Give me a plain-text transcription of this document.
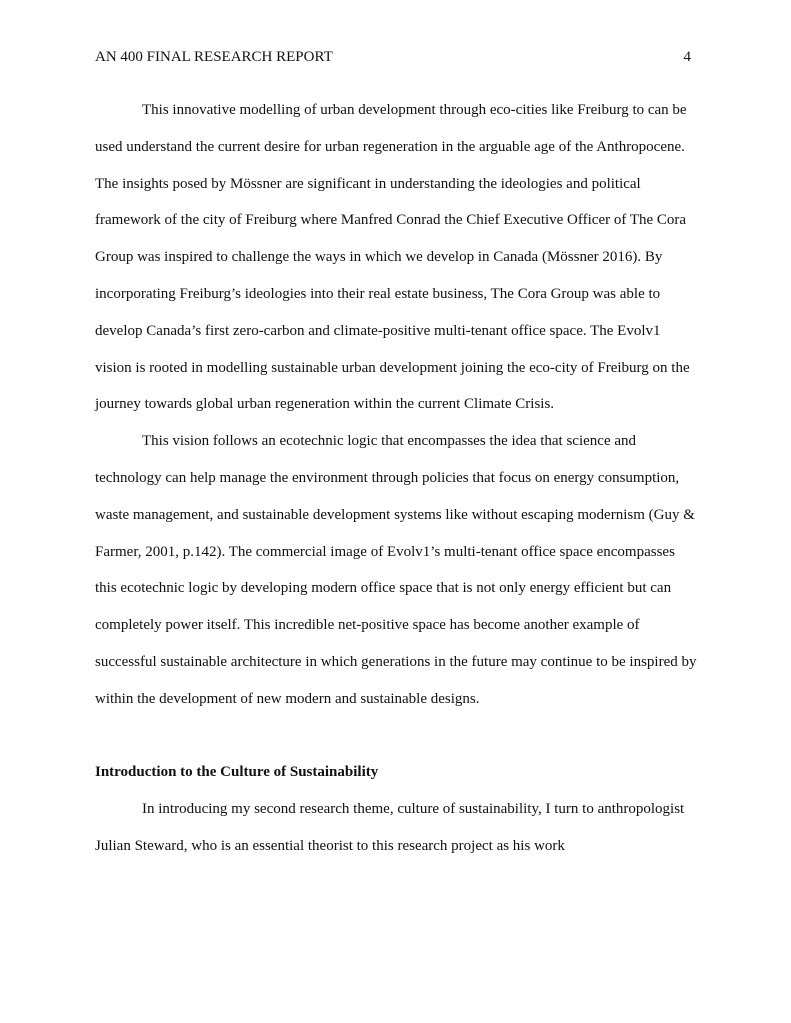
AN 400 FINAL RESEARCH REPORT	4

This innovative modelling of urban development through eco-cities like Freiburg to can be used understand the current desire for urban regeneration in the arguable age of the Anthropocene. The insights posed by Mössner are significant in understanding the ideologies and political framework of the city of Freiburg where Manfred Conrad the Chief Executive Officer of The Cora Group was inspired to challenge the ways in which we develop in Canada (Mössner 2016). By incorporating Freiburg’s ideologies into their real estate business, The Cora Group was able to develop Canada’s first zero-carbon and climate-positive multi-tenant office space. The Evolv1 vision is rooted in modelling sustainable urban development joining the eco-city of Freiburg on the journey towards global urban regeneration within the current Climate Crisis.

This vision follows an ecotechnic logic that encompasses the idea that science and technology can help manage the environment through policies that focus on energy consumption, waste management, and sustainable development systems like without escaping modernism (Guy & Farmer, 2001, p.142). The commercial image of Evolv1’s multi-tenant office space encompasses this ecotechnic logic by developing modern office space that is not only energy efficient but can completely power itself. This incredible net-positive space has become another example of successful sustainable architecture in which generations in the future may continue to be inspired by within the development of new modern and sustainable designs.

Introduction to the Culture of Sustainability

In introducing my second research theme, culture of sustainability, I turn to anthropologist Julian Steward, who is an essential theorist to this research project as his work
